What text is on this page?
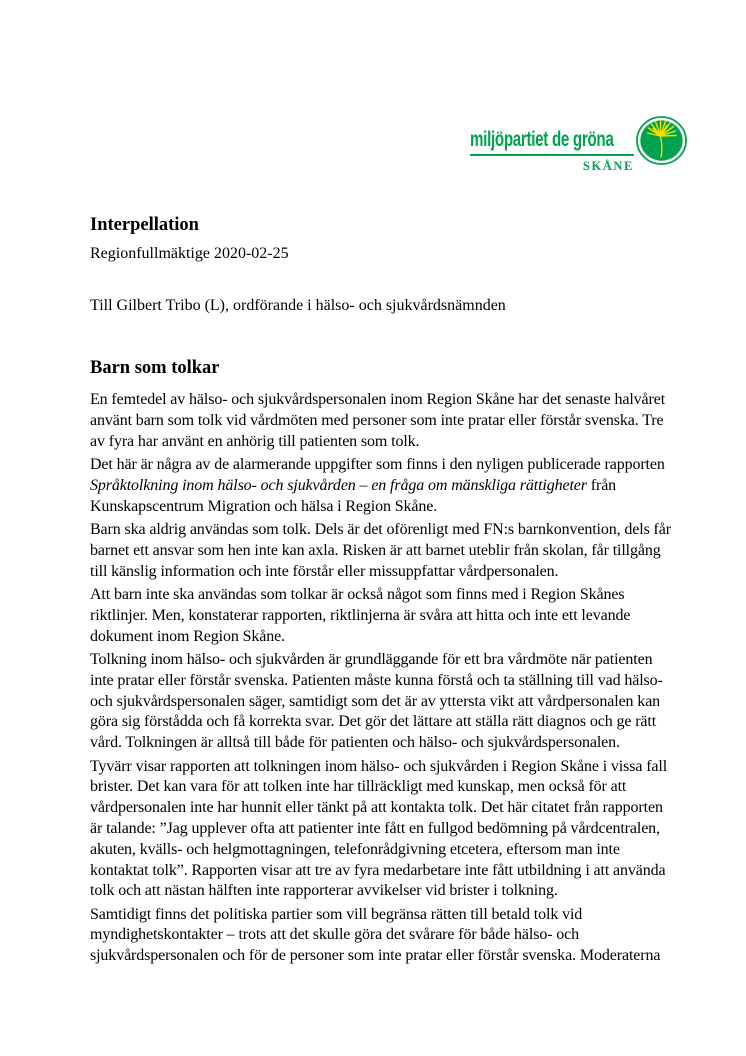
miljöpartiet de gröna
SKÅNE
Interpellation
Regionfullmäktige 2020-02-25
Till Gilbert Tribo (L), ordförande i hälso- och sjukvårdsnämnden
Barn som tolkar

En femtedel av hälso- och sjukvårdspersonalen inom Region Skåne har det senaste halvåret använt barn som tolk vid vårdmöten med personer som inte pratar eller förstår svenska. Tre av fyra har använt en anhörig till patienten som tolk.

Det här är några av de alarmerande uppgifter som finns i den nyligen publicerade rapporten Språktolkning inom hälso- och sjukvården – en fråga om mänskliga rättigheter från Kunskapscentrum Migration och hälsa i Region Skåne.

Barn ska aldrig användas som tolk. Dels är det oförenligt med FN:s barnkonvention, dels får barnet ett ansvar som hen inte kan axla. Risken är att barnet uteblir från skolan, får tillgång till känslig information och inte förstår eller missuppfattar vårdpersonalen.

Att barn inte ska användas som tolkar är också något som finns med i Region Skånes riktlinjer. Men, konstaterar rapporten, riktlinjerna är svåra att hitta och inte ett levande dokument inom Region Skåne.

Tolkning inom hälso- och sjukvården är grundläggande för ett bra vårdmöte när patienten inte pratar eller förstår svenska. Patienten måste kunna förstå och ta ställning till vad hälso- och sjukvårdspersonalen säger, samtidigt som det är av yttersta vikt att vårdpersonalen kan göra sig förstådda och få korrekta svar. Det gör det lättare att ställa rätt diagnos och ge rätt vård. Tolkningen är alltså till både för patienten och hälso- och sjukvårdspersonalen.

Tyvärr visar rapporten att tolkningen inom hälso- och sjukvården i Region Skåne i vissa fall brister. Det kan vara för att tolken inte har tillräckligt med kunskap, men också för att vårdpersonalen inte har hunnit eller tänkt på att kontakta tolk. Det här citatet från rapporten är talande: ”Jag upplever ofta att patienter inte fått en fullgod bedömning på vårdcentralen, akuten, kvälls- och helgmottagningen, telefonrådgivning etcetera, eftersom man inte kontaktat tolk”. Rapporten visar att tre av fyra medarbetare inte fått utbildning i att använda tolk och att nästan hälften inte rapporterar avvikelser vid brister i tolkning.

Samtidigt finns det politiska partier som vill begränsa rätten till betald tolk vid myndighetskontakter – trots att det skulle göra det svårare för både hälso- och sjukvårdspersonalen och för de personer som inte pratar eller förstår svenska. Moderaterna
